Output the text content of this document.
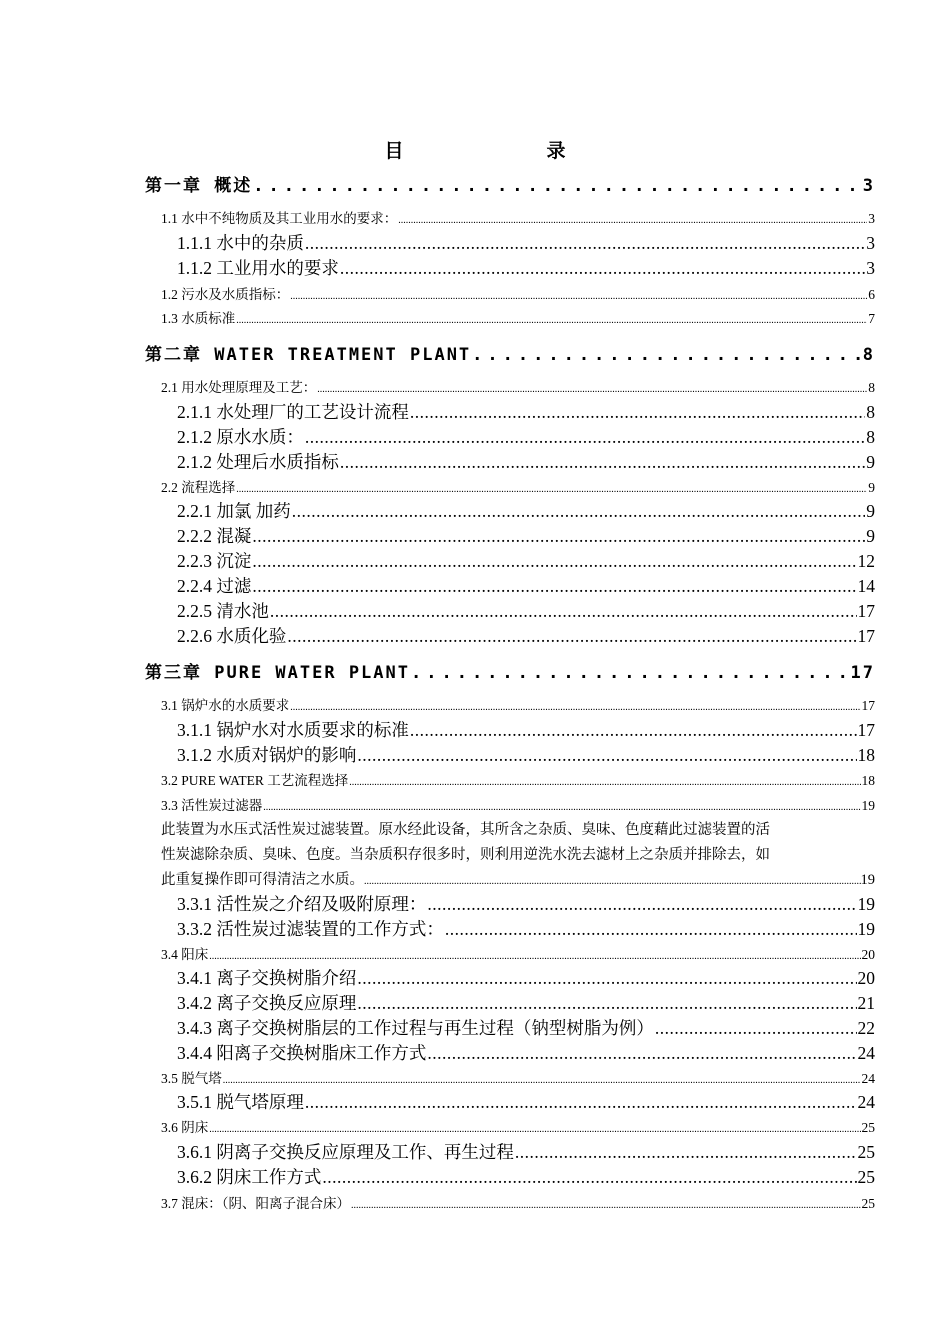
目　录
第一章 概述 .....	3
1.1 水中不纯物质及其工业用水的要求： .....	3
1.1.1 水中的杂质 .....	3
1.1.2 工业用水的要求 .....	3
1.2 污水及水质指标： .....	6
1.3 水质标准 .....	7
第二章 WATER TREATMENT PLANT .....	8
2.1 用水处理原理及工艺： .....	8
2.1.1 水处理厂的工艺设计流程 .....	8
2.1.2 原水水质： .....	8
2.1.2 处理后水质指标 .....	9
2.2 流程选择 .....	9
2.2.1 加氯 加药 .....	9
2.2.2 混凝 .....	9
2.2.3 沉淀 .....	12
2.2.4 过滤 .....	14
2.2.5 清水池 .....	17
2.2.6 水质化验 .....	17
第三章 PURE WATER PLANT .....	17
3.1 锅炉水的水质要求 .....	17
3.1.1 锅炉水对水质要求的标准 .....	17
3.1.2 水质对锅炉的影响 .....	18
3.2 PURE WATER 工艺流程选择 .....	18
3.3 活性炭过滤器 .....	19
此装置为水压式活性炭过滤装置。原水经此设备，其所含之杂质、臭味、色度藉此过滤装置的活
性炭滤除杂质、臭味、色度。当杂质积存很多时，则利用逆洗水洗去滤材上之杂质并排除去，如
此重复操作即可得清洁之水质。 .....	19
3.3.1 活性炭之介绍及吸附原理： .....	19
3.3.2 活性炭过滤装置的工作方式： .....	19
3.4 阳床 .....	20
3.4.1 离子交换树脂介绍 .....	20
3.4.2 离子交换反应原理 .....	21
3.4.3 离子交换树脂层的工作过程与再生过程（钠型树脂为例） .....	22
3.4.4 阳离子交换树脂床工作方式 .....	24
3.5 脱气塔 .....	24
3.5.1 脱气塔原理 .....	24
3.6 阴床 .....	25
3.6.1 阴离子交换反应原理及工作、再生过程 .....	25
3.6.2 阴床工作方式 .....	25
3.7 混床：（阴、阳离子混合床） .....	25
